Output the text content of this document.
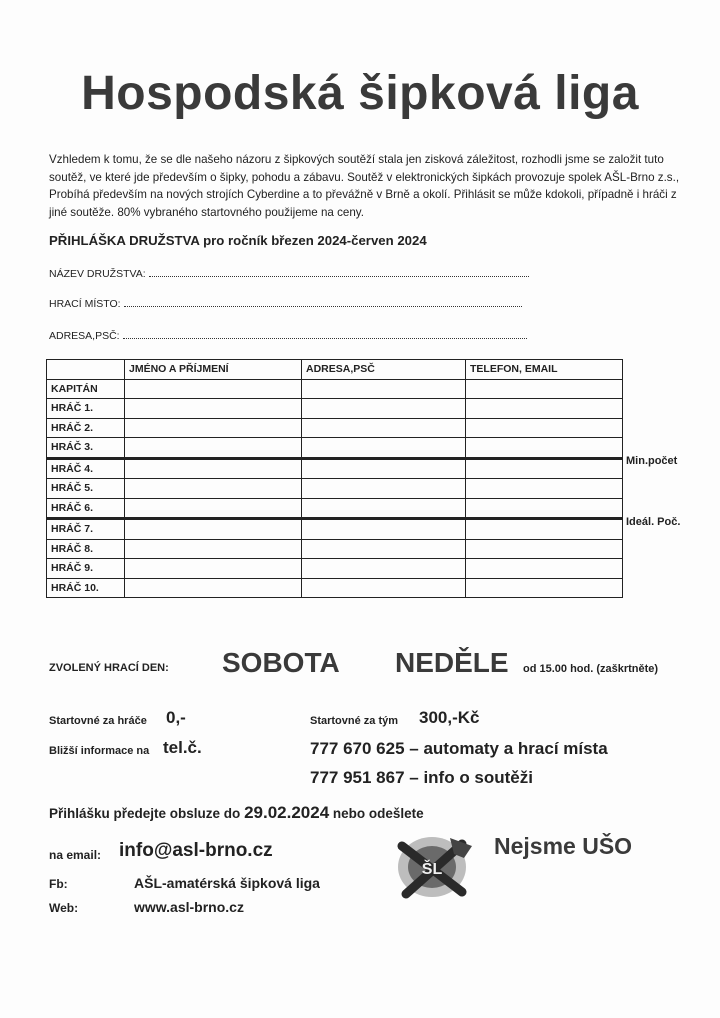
Hospodská šipková liga
Vzhledem k tomu, že se dle našeho názoru z šipkových soutěží stala jen zisková záležitost, rozhodli jsme se založit tuto soutěž, ve které jde především o šipky, pohodu a zábavu. Soutěž v elektronických šipkách provozuje spolek AŠL-Brno z.s., Probíhá především na nových strojích Cyberdine a to převážně v Brně a okolí. Přihlásit se může kdokoli, případně i hráči z jiné soutěže. 80% vybraného startovného použijeme na ceny.
PŘIHLÁŠKA DRUŽSTVA pro ročník březen 2024-červen 2024
NÁZEV DRUŽSTVA:
HRACÍ MÍSTO:
ADRESA,PSČ:
	JMÉNO A PŘÍJMENÍ	ADRESA,PSČ	TELEFON, EMAIL
KAPITÁN			
HRÁČ 1.			
HRÁČ 2.			
HRÁČ 3.			
HRÁČ 4.			
HRÁČ 5.			
HRÁČ 6.			
HRÁČ 7.			
HRÁČ 8.			
HRÁČ 9.			
HRÁČ 10.			
Min.počet
Ideál. Poč.
ZVOLENÝ HRACÍ DEN: SOBOTA NEDĚLE od 15.00 hod. (zaškrtněte)
Startovné za hráče 0,-	Startovné za tým 300,-Kč
Bližší informace na tel.č.	777 670 625 – automaty a hrací místa
777 951 867 – info o soutěži
Přihlášku předejte obsluze do 29.02.2024 nebo odešlete
na email: info@asl-brno.cz
Fb:	AŠL-amatérská šipková liga
Web:	www.asl-brno.cz
ŠL
Nejsme UŠO
